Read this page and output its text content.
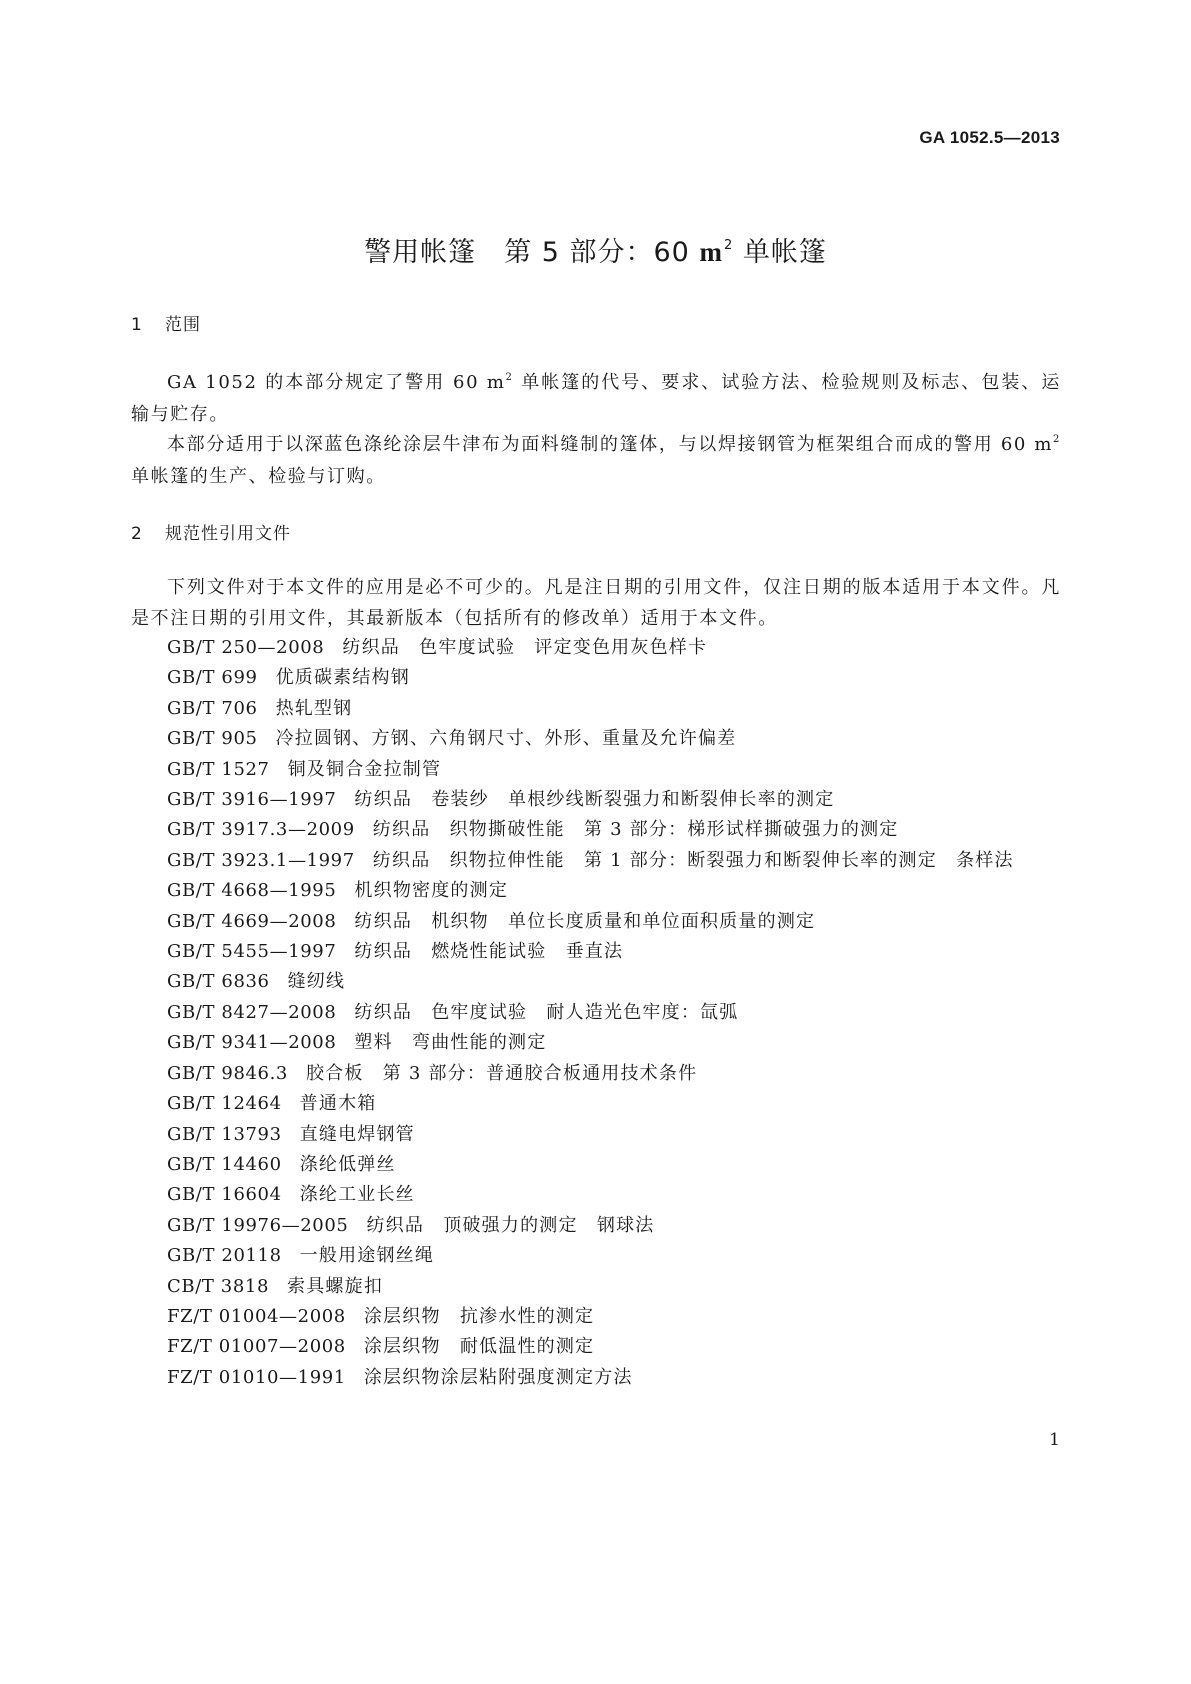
GA 1052.5—2013
警用帐篷　第 5 部分：60 $m^2$ 单帐篷
1 范围

GA 1052 的本部分规定了警用 60 $m^2$ 单帐篷的代号、要求、试验方法、检验规则及标志、包装、运输与贮存。

本部分适用于以深蓝色涤纶涂层牛津布为面料缝制的篷体，与以焊接钢管为框架组合而成的警用 60 $m^2$ 单帐篷的生产、检验与订购。

2 规范性引用文件

下列文件对于本文件的应用是必不可少的。凡是注日期的引用文件，仅注日期的版本适用于本文件。凡是不注日期的引用文件，其最新版本（包括所有的修改单）适用于本文件。

GB/T 250—2008 纺织品　色牢度试验　评定变色用灰色样卡
GB/T 699 优质碳素结构钢
GB/T 706 热轧型钢
GB/T 905 冷拉圆钢、方钢、六角钢尺寸、外形、重量及允许偏差
GB/T 1527 铜及铜合金拉制管
GB/T 3916—1997 纺织品　卷装纱　单根纱线断裂强力和断裂伸长率的测定
GB/T 3917.3—2009 纺织品　织物撕破性能　第 3 部分：梯形试样撕破强力的测定
GB/T 3923.1—1997 纺织品　织物拉伸性能　第 1 部分：断裂强力和断裂伸长率的测定　条样法
GB/T 4668—1995 机织物密度的测定
GB/T 4669—2008 纺织品　机织物　单位长度质量和单位面积质量的测定
GB/T 5455—1997 纺织品　燃烧性能试验　垂直法
GB/T 6836 缝纫线
GB/T 8427—2008 纺织品　色牢度试验　耐人造光色牢度：氙弧
GB/T 9341—2008 塑料　弯曲性能的测定
GB/T 9846.3 胶合板　第 3 部分：普通胶合板通用技术条件
GB/T 12464 普通木箱
GB/T 13793 直缝电焊钢管
GB/T 14460 涤纶低弹丝
GB/T 16604 涤纶工业长丝
GB/T 19976—2005 纺织品　顶破强力的测定　钢球法
GB/T 20118 一般用途钢丝绳
CB/T 3818 索具螺旋扣
FZ/T 01004—2008 涂层织物　抗渗水性的测定
FZ/T 01007—2008 涂层织物　耐低温性的测定
FZ/T 01010—1991 涂层织物涂层粘附强度测定方法
1
